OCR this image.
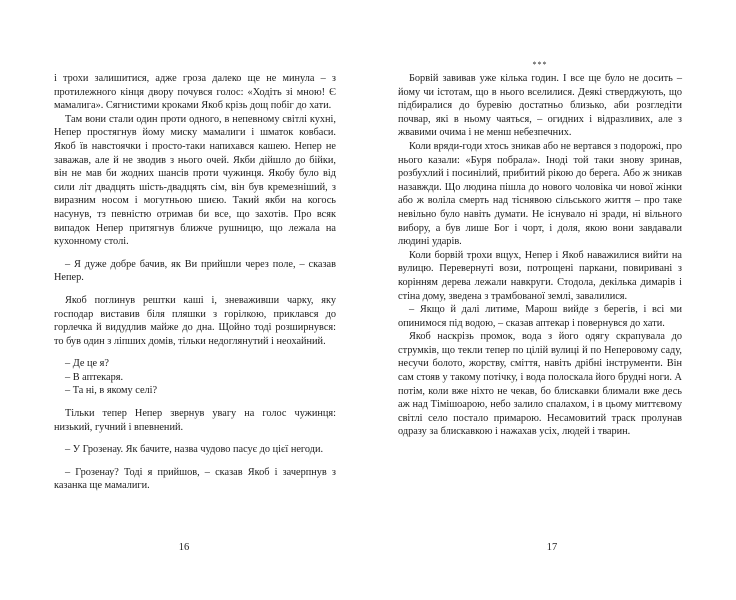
і трохи залишитися, адже гроза далеко ще не минула – з протилежного кінця двору почувся голос: «Ходіть зі мною! Є мамалига». Сягнистими кроками Якоб крізь дощ побіг до хати.

Там вони стали один проти одного, в непевному світлі кухні, Непер простягнув йому миску мамалиги і шматок ковбаси. Якоб їв навстоячки і просто-таки напихався кашею. Непер не заважав, але й не зводив з нього очей. Якби дійшло до бійки, він не мав би жодних шансів проти чужинця. Якобу було від сили літ двадцять шість-двадцять сім, він був кремезніший, з виразним носом і могутньою шиєю. Такий якби на когось насунув, тз певністю отримав би все, що захотів. Про всяк випадок Непер притягнув ближче рушницю, що лежала на кухонному столі.

– Я дуже добре бачив, як Ви прийшли через поле, – сказав Непер.

Якоб поглинув рештки каші і, зневаживши чарку, яку господар виставив біля пляшки з горілкою, приклався до горлечка й видудлив майже до дна. Щойно тоді розширнувся: то був один з ліпших домів, тільки недоглянутий і неохайний.

– Де це я?

– В аптекаря.

– Та ні, в якому селі?

Тільки тепер Непер звернув увагу на голос чужинця: низький, гучний і впевнений.

– У Грозенау. Як бачите, назва чудово пасує до цієї негоди.

– Грозенау? Тоді я прийшов, – сказав Якоб і зачерпнув з казанка ще мамалиги.

16
***

Борвій завивав уже кілька годин. І все ще було не досить – йому чи істотам, що в нього вселилися. Деякі стверджують, що підбиралися до буревію достатньо близько, аби розгледіти почвар, які в ньому чаяться, – огидних і відразливих, але з жвавими очима і не менш небезпечних.

Коли вряди-годи хтось зникав або не вертався з подорожі, про нього казали: «Буря побрала». Іноді той таки знову зринав, розбухлий і посинілий, прибитий рікою до берега. Або ж зникав назавжди. Що людина пішла до нового чоловіка чи нової жінки або ж воліла смерть над тіснявою сільського життя – про таке невільно було навіть думати. Не існувало ні зради, ні вільного вибору, а був лише Бог і чорт, і доля, якою вони завдавали людині ударів.

Коли борвій трохи вщух, Непер і Якоб наважилися вийти на вулицю. Перевернуті вози, потрощені паркани, повиривані з корінням дерева лежали навкруги. Стодола, декілька димарів і стіна дому, зведена з трамбованої землі, завалилися.

– Якщо й далі литиме, Марош вийде з берегів, і всі ми опинимося під водою, – сказав аптекар і повернувся до хати.

Якоб наскрізь промок, вода з його одягу скрапувала до струмків, що текли тепер по цілій вулиці й по Неперовому саду, несучи болото, жорству, сміття, навіть дрібні інструменти. Він сам стояв у такому потічку, і вода полоскала його брудні ноги. А потім, коли вже ніхто не чекав, бо блискавки блимали вже десь аж над Тімішоарою, небо залило спалахом, і в цьому миттєвому світлі село постало примарою. Несамовитий траск пролунав одразу за блискавкою і нажахав усіх, людей і тварин.

17
